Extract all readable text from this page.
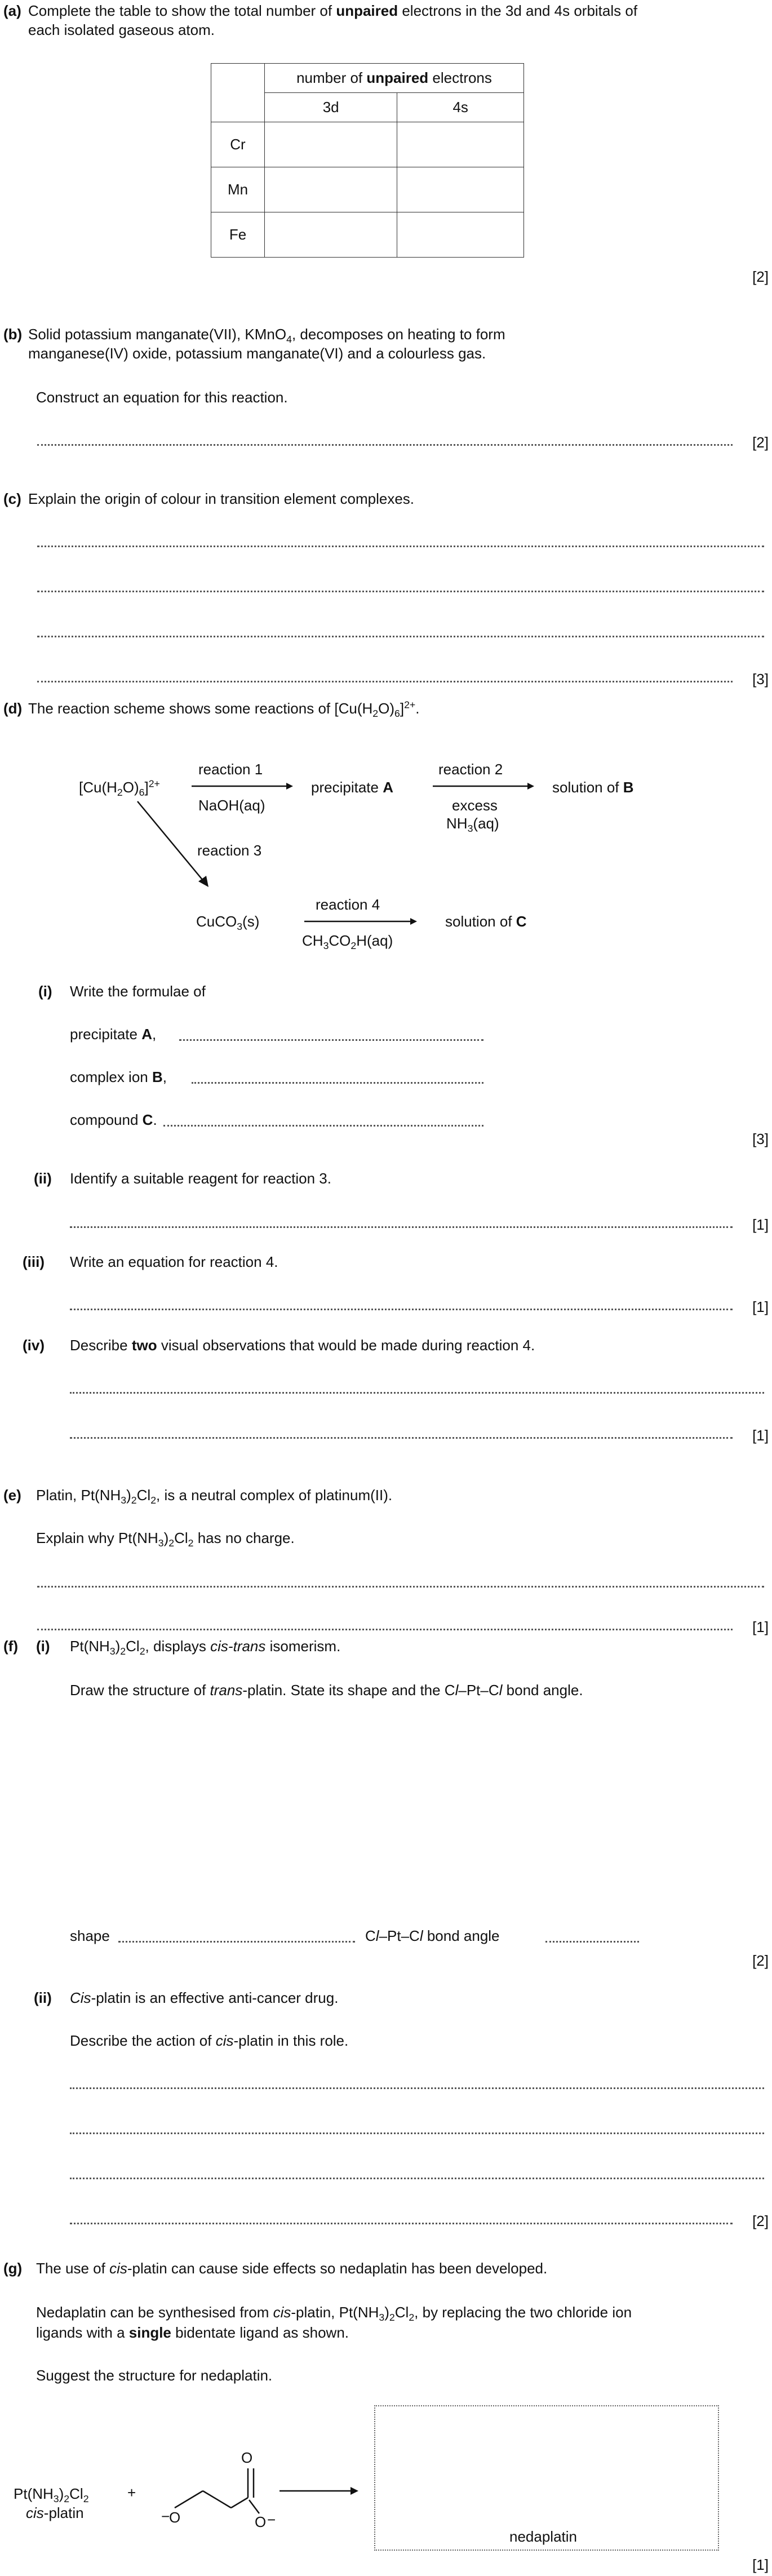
(a) Complete the table to show the total number of unpaired electrons in the 3d and 4s orbitals of
each isolated gaseous atom.
	number of unpaired electrons	
	3d	4s
Cr		
Mn		
Fe		
[2]
(b) Solid potassium manganate(VII), KMnO$_4$, decomposes on heating to form
manganese(IV) oxide, potassium manganate(VI) and a colourless gas.
Construct an equation for this reaction.
[2]
(c) Explain the origin of colour in transition element complexes.
[3]
(d) The reaction scheme shows some reactions of $[Cu(H_2O)_6]^{2+}$.
$[Cu(H_2O)_6]^{2+}$
reaction 1
NaOH(aq)
precipitate A
reaction 2
excess
$NH_3(aq)$
solution of B
reaction 3
CuCO$_3$(s)
reaction 4
$CH_3CO_2H(aq)$
solution of C
(i) Write the formulae of
precipitate A,
complex ion B,
compound C.
[3]
(ii) Identify a suitable reagent for reaction 3.
[1]
(iii) Write an equation for reaction 4.
[1]
(iv) Describe two visual observations that would be made during reaction 4.
[1]
(e) Platin, $Pt(NH_3)_2Cl_2$, is a neutral complex of platinum(II).
Explain why $Pt(NH_3)_2Cl_2$ has no charge.
[1]
(f) (i) $Pt(NH_3)_2Cl_2$, displays cis-trans isomerism.
Draw the structure of trans-platin. State its shape and the Cl–Pt–Cl bond angle.
shape	Cl–Pt–Cl bond angle
[2]
(ii) Cis-platin is an effective anti-cancer drug.
Describe the action of cis-platin in this role.
[2]
(g) The use of cis-platin can cause side effects so nedaplatin has been developed.
Nedaplatin can be synthesised from cis-platin, $Pt(NH_3)_2Cl_2$, by replacing the two chloride ion
ligands with a single bidentate ligand as shown.
Suggest the structure for nedaplatin.
$Pt(NH_3)_2Cl_2$
cis-platin
+
O
−
O	O −
nedaplatin
[1]
